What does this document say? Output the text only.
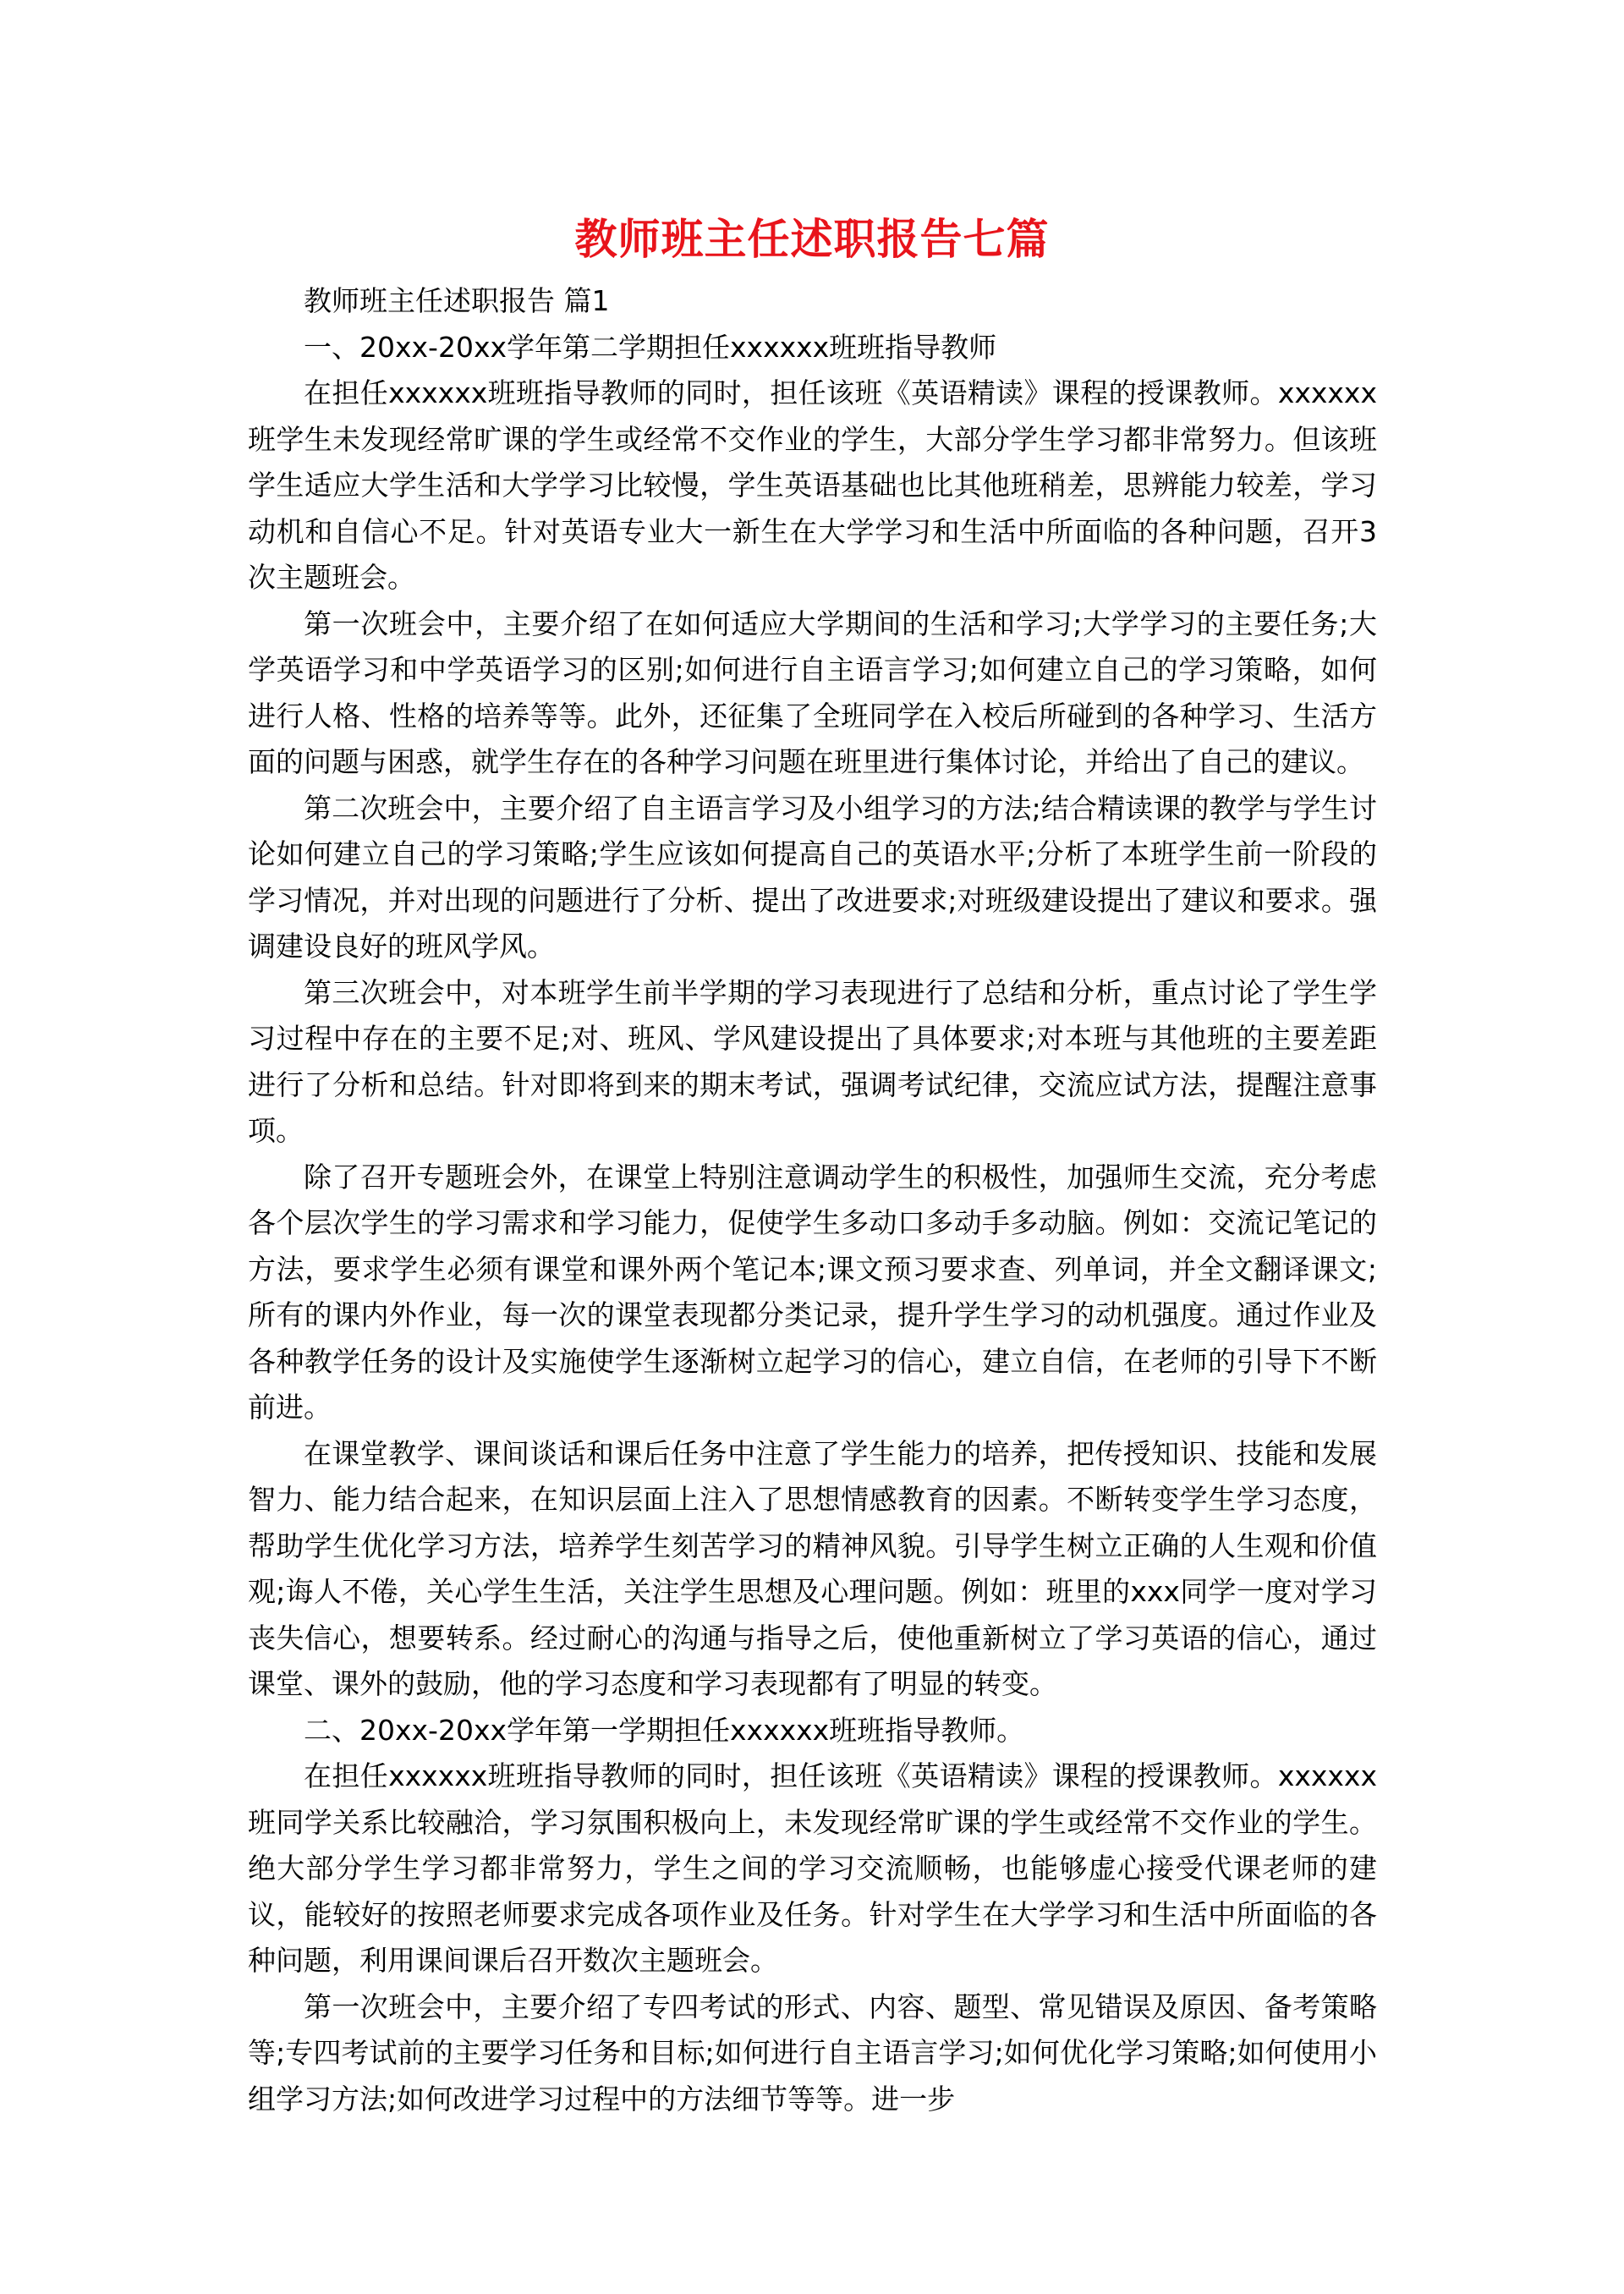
教师班主任述职报告七篇

教师班主任述职报告 篇1

一、20xx-20xx学年第二学期担任xxxxxx班班指导教师

在担任xxxxxx班班指导教师的同时，担任该班《英语精读》课程的授课教师。xxxxxx班学生未发现经常旷课的学生或经常不交作业的学生，大部分学生学习都非常努力。但该班学生适应大学生活和大学学习比较慢，学生英语基础也比其他班稍差，思辨能力较差，学习动机和自信心不足。针对英语专业大一新生在大学学习和生活中所面临的各种问题，召开3次主题班会。

第一次班会中，主要介绍了在如何适应大学期间的生活和学习;大学学习的主要任务;大学英语学习和中学英语学习的区别;如何进行自主语言学习;如何建立自己的学习策略，如何进行人格、性格的培养等等。此外，还征集了全班同学在入校后所碰到的各种学习、生活方面的问题与困惑，就学生存在的各种学习问题在班里进行集体讨论，并给出了自己的建议。

第二次班会中，主要介绍了自主语言学习及小组学习的方法;结合精读课的教学与学生讨论如何建立自己的学习策略;学生应该如何提高自己的英语水平;分析了本班学生前一阶段的学习情况，并对出现的问题进行了分析、提出了改进要求;对班级建设提出了建议和要求。强调建设良好的班风学风。

第三次班会中，对本班学生前半学期的学习表现进行了总结和分析，重点讨论了学生学习过程中存在的主要不足;对、班风、学风建设提出了具体要求;对本班与其他班的主要差距进行了分析和总结。针对即将到来的期末考试，强调考试纪律，交流应试方法，提醒注意事项。

除了召开专题班会外，在课堂上特别注意调动学生的积极性，加强师生交流，充分考虑各个层次学生的学习需求和学习能力，促使学生多动口多动手多动脑。例如：交流记笔记的方法，要求学生必须有课堂和课外两个笔记本;课文预习要求查、列单词，并全文翻译课文;所有的课内外作业，每一次的课堂表现都分类记录，提升学生学习的动机强度。通过作业及各种教学任务的设计及实施使学生逐渐树立起学习的信心，建立自信，在老师的引导下不断前进。

在课堂教学、课间谈话和课后任务中注意了学生能力的培养，把传授知识、技能和发展智力、能力结合起来，在知识层面上注入了思想情感教育的因素。不断转变学生学习态度，帮助学生优化学习方法，培养学生刻苦学习的精神风貌。引导学生树立正确的人生观和价值观;诲人不倦，关心学生生活，关注学生思想及心理问题。例如：班里的xxx同学一度对学习丧失信心，想要转系。经过耐心的沟通与指导之后，使他重新树立了学习英语的信心，通过课堂、课外的鼓励，他的学习态度和学习表现都有了明显的转变。

二、20xx-20xx学年第一学期担任xxxxxx班班指导教师。

在担任xxxxxx班班指导教师的同时，担任该班《英语精读》课程的授课教师。xxxxxx班同学关系比较融洽，学习氛围积极向上，未发现经常旷课的学生或经常不交作业的学生。绝大部分学生学习都非常努力，学生之间的学习交流顺畅，也能够虚心接受代课老师的建议，能较好的按照老师要求完成各项作业及任务。针对学生在大学学习和生活中所面临的各种问题，利用课间课后召开数次主题班会。

第一次班会中，主要介绍了专四考试的形式、内容、题型、常见错误及原因、备考策略等;专四考试前的主要学习任务和目标;如何进行自主语言学习;如何优化学习策略;如何使用小组学习方法;如何改进学习过程中的方法细节等等。进一步
